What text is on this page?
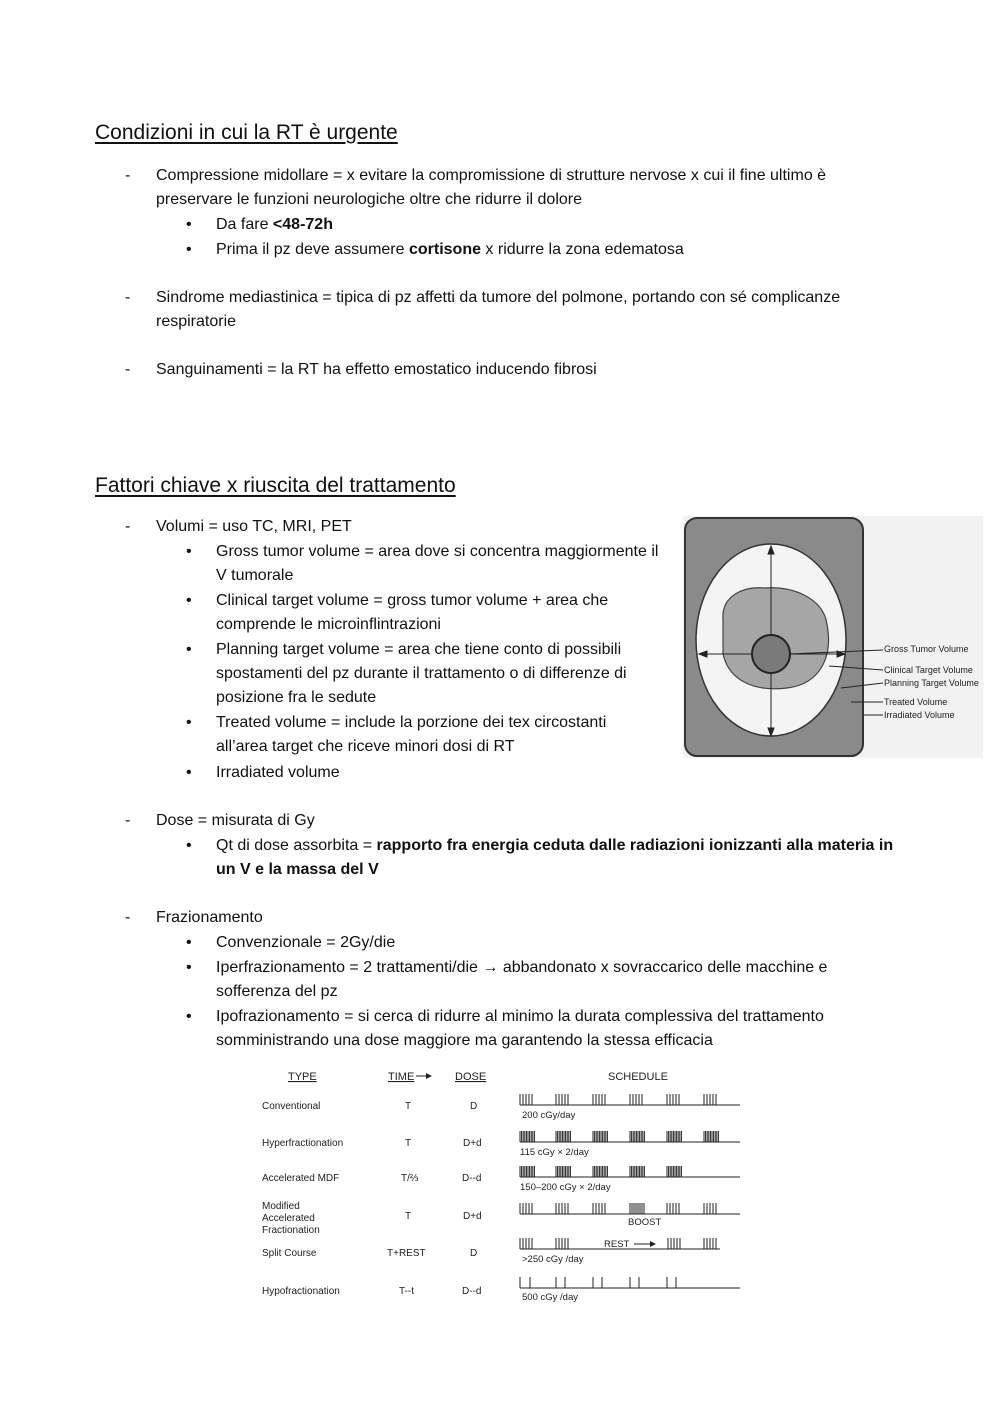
Condizioni in cui la RT è urgente
- Compressione midollare = x evitare la compromissione di strutture nervose x cui il fine ultimo è preservare le funzioni neurologiche oltre che ridurre il dolore

• Da fare <48-72h

• Prima il pz deve assumere cortisone x ridurre la zona edematosa

- Sindrome mediastinica = tipica di pz affetti da tumore del polmone, portando con sé complicanze respiratorie

- Sanguinamenti = la RT ha effetto emostatico inducendo fibrosi

Fattori chiave x riuscita del trattamento
- Volumi = uso TC, MRI, PET

• Gross tumor volume = area dove si concentra maggiormente il V tumorale

• Clinical target volume = gross tumor volume + area che comprende le microinflintrazioni

• Planning target volume = area che tiene conto di possibili spostamenti del pz durante il trattamento o di differenze di posizione fra le sedute

• Treated volume = include la porzione dei tex circostanti all’area target che riceve minori dosi di RT

• Irradiated volume

- Dose = misurata di Gy

• Qt di dose assorbita = rapporto fra energia ceduta dalle radiazioni ionizzanti alla materia in un V e la massa del V

- Frazionamento

• Convenzionale = 2Gy/die

• Iperfrazionamento = 2 trattamenti/die → abbandonato x sovraccarico delle macchine e sofferenza del pz

• Ipofrazionamento = si cerca di ridurre al minimo la durata complessiva del trattamento somministrando una dose maggiore ma garantendo la stessa efficacia

Gross Tumor Volume
Clinical Target Volume
Planning Target Volume
Treated Volume
Irradiated Volume
TYPE	TIME	DOSE	SCHEDULE
Conventional	T	D
200 cGy/day
Hyperfractionation	T	D+d
115 cGy × 2/day
Accelerated MDF	T/⅔	D--d
150–200 cGy × 2/day
Modified
Accelerated
Fractionation
T	D+d
BOOST
Split Course	T+REST	D
REST
>250 cGy /day
Hypofractionation	T--t	D--d
500 cGy /day
